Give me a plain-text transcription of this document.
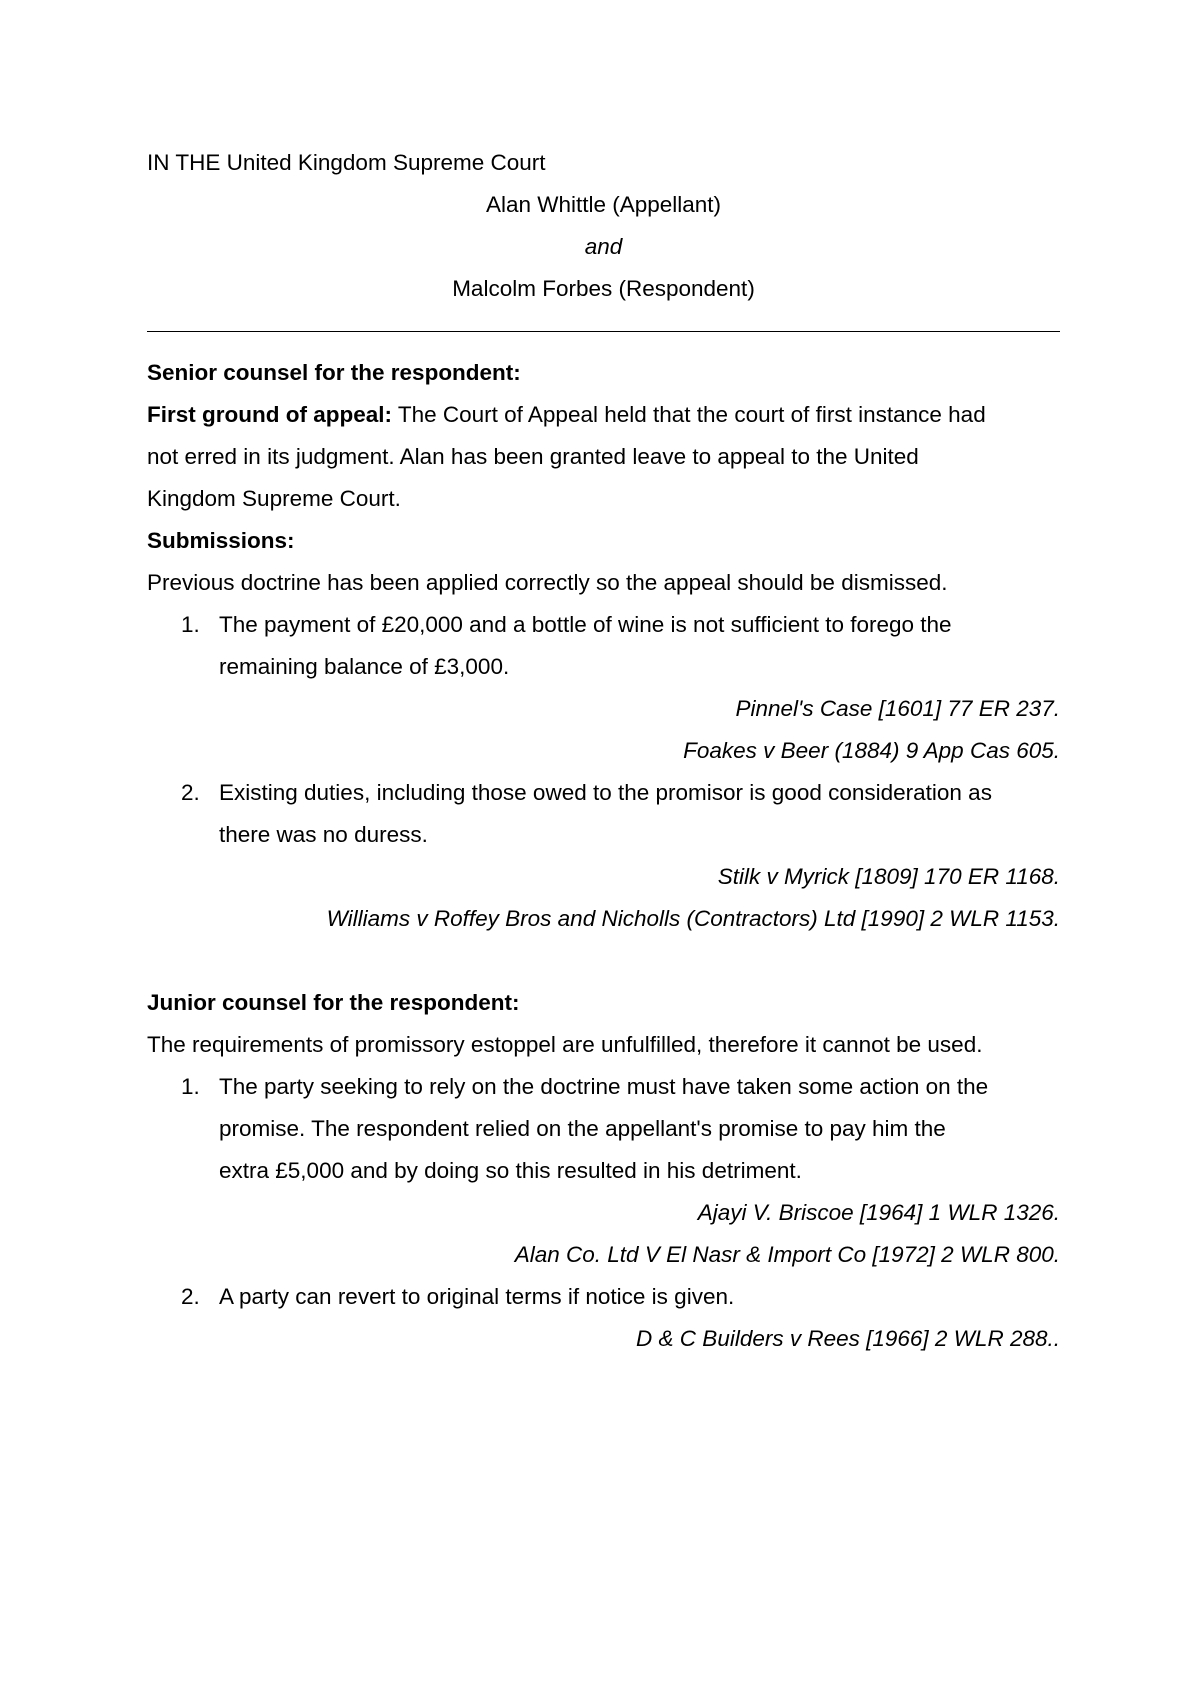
IN THE United Kingdom Supreme Court
Alan Whittle (Appellant)
and
Malcolm Forbes (Respondent)
Senior counsel for the respondent:
First ground of appeal: The Court of Appeal held that the court of first instance had
not erred in its judgment. Alan has been granted leave to appeal to the United
Kingdom Supreme Court.
Submissions:
Previous doctrine has been applied correctly so the appeal should be dismissed.
1. The payment of £20,000 and a bottle of wine is not sufficient to forego the
remaining balance of £3,000.
Pinnel's Case [1601] 77 ER 237.
Foakes v Beer (1884) 9 App Cas 605.
2. Existing duties, including those owed to the promisor is good consideration as
there was no duress.
Stilk v Myrick [1809] 170 ER 1168.
Williams v Roffey Bros and Nicholls (Contractors) Ltd [1990] 2 WLR 1153.
Junior counsel for the respondent:
The requirements of promissory estoppel are unfulfilled, therefore it cannot be used.
1. The party seeking to rely on the doctrine must have taken some action on the
promise. The respondent relied on the appellant's promise to pay him the
extra £5,000 and by doing so this resulted in his detriment.
Ajayi V. Briscoe [1964] 1 WLR 1326.
Alan Co. Ltd V El Nasr & Import Co [1972] 2 WLR 800.
2. A party can revert to original terms if notice is given.
D & C Builders v Rees [1966] 2 WLR 288..
